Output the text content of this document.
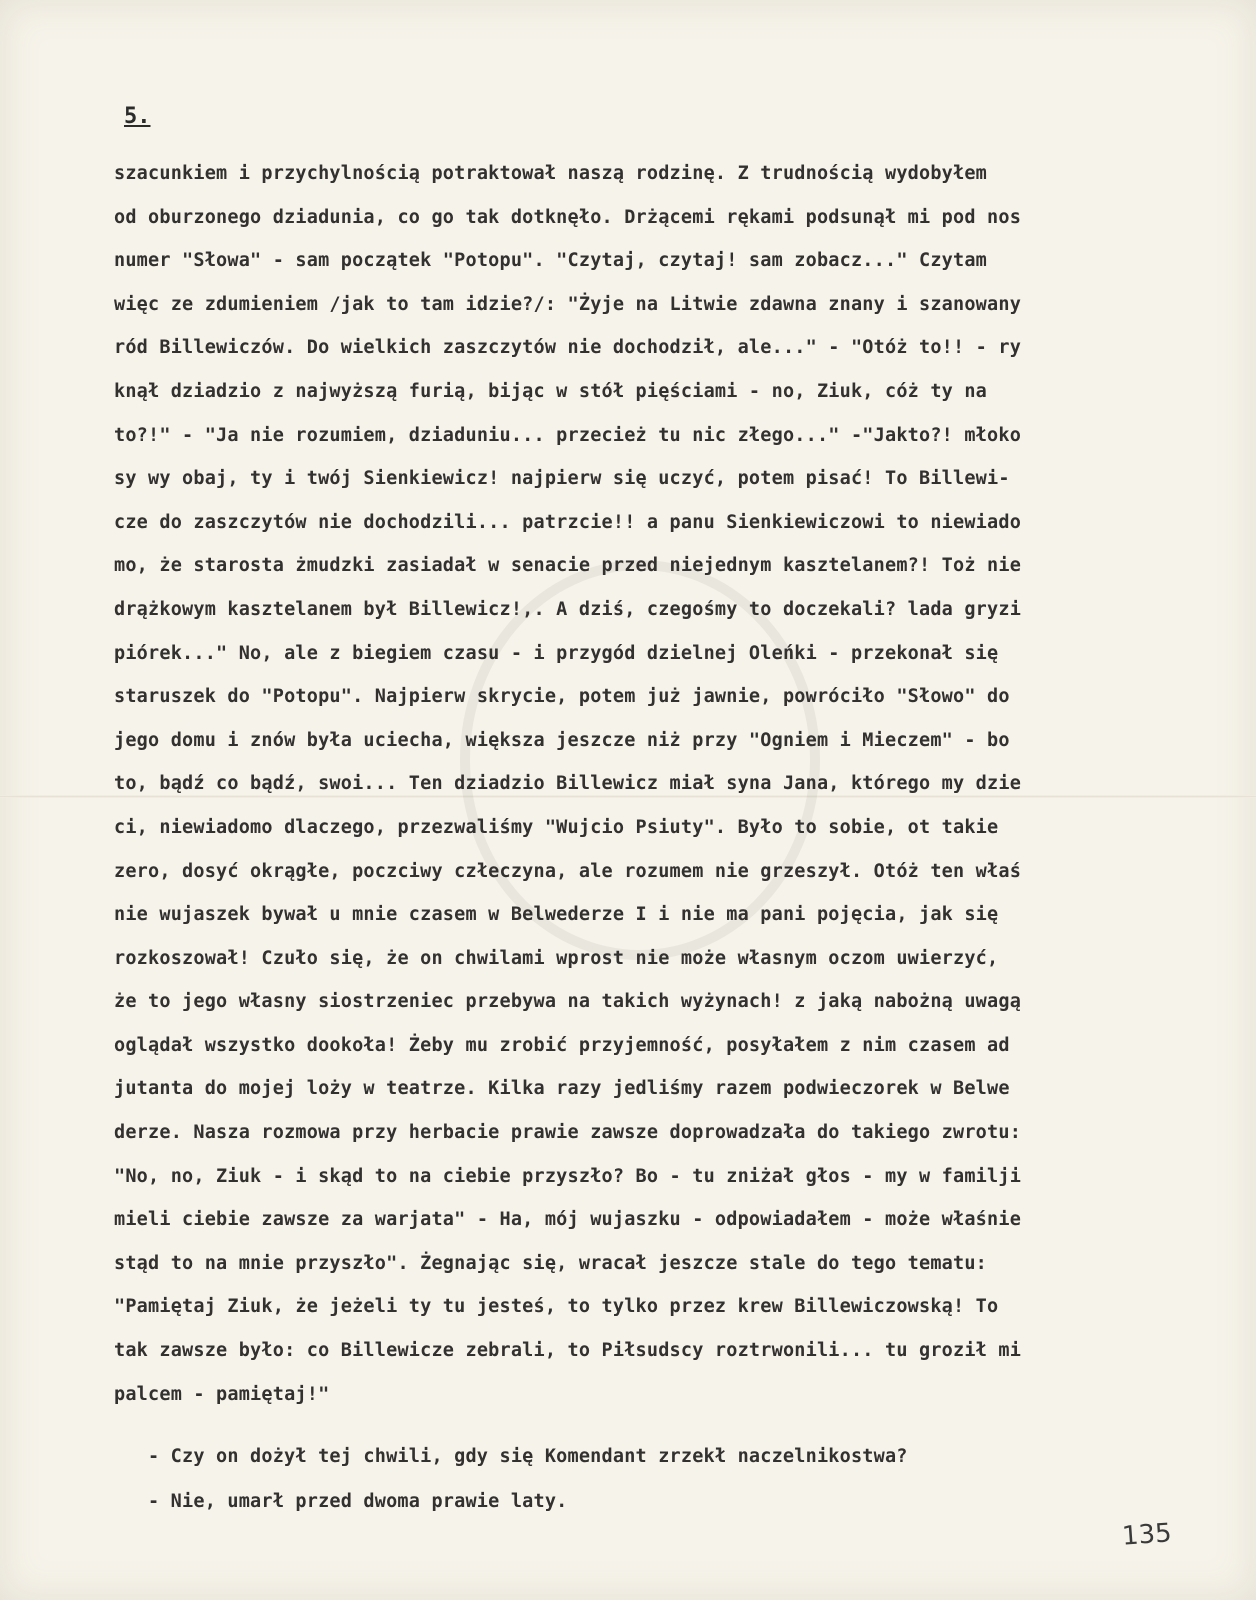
5.
szacunkiem i przychylnością potraktował naszą rodzinę. Z trudnością wydobyłem
od oburzonego dziadunia, co go tak dotknęło. Drżącemi rękami podsunął mi pod nos
numer "Słowa" - sam początek "Potopu". "Czytaj, czytaj! sam zobacz..." Czytam
więc ze zdumieniem /jak to tam idzie?/: "Żyje na Litwie zdawna znany i szanowany
ród Billewiczów. Do wielkich zaszczytów nie dochodził, ale..." - "Otóż to!! - ry
knął dziadzio z najwyższą furią, bijąc w stół pięściami - no, Ziuk, cóż ty na
to?!" - "Ja nie rozumiem, dziaduniu... przecież tu nic złego..." -"Jakto?! młoko
sy wy obaj, ty i twój Sienkiewicz! najpierw się uczyć, potem pisać! To Billewi-
cze do zaszczytów nie dochodzili... patrzcie!! a panu Sienkiewiczowi to niewiado
mo, że starosta żmudzki zasiadał w senacie przed niejednym kasztelanem?! Toż nie
drążkowym kasztelanem był Billewicz!,. A dziś, czegośmy to doczekali? lada gryzi
piórek..." No, ale z biegiem czasu - i przygód dzielnej Oleńki - przekonał się
staruszek do "Potopu". Najpierw skrycie, potem już jawnie, powróciło "Słowo" do
jego domu i znów była uciecha, większa jeszcze niż przy "Ogniem i Mieczem" - bo
to, bądź co bądź, swoi... Ten dziadzio Billewicz miał syna Jana, którego my dzie
ci, niewiadomo dlaczego, przezwaliśmy "Wujcio Psiuty". Było to sobie, ot takie
zero, dosyć okrągłe, poczciwy człeczyna, ale rozumem nie grzeszył. Otóż ten właś
nie wujaszek bywał u mnie czasem w Belwederze I i nie ma pani pojęcia, jak się
rozkoszował! Czuło się, że on chwilami wprost nie może własnym oczom uwierzyć,
że to jego własny siostrzeniec przebywa na takich wyżynach! z jaką nabożną uwagą
oglądał wszystko dookoła! Żeby mu zrobić przyjemność, posyłałem z nim czasem ad
jutanta do mojej loży w teatrze. Kilka razy jedliśmy razem podwieczorek w Belwe
derze. Nasza rozmowa przy herbacie prawie zawsze doprowadzała do takiego zwrotu:
"No, no, Ziuk - i skąd to na ciebie przyszło? Bo - tu zniżał głos - my w familji
mieli ciebie zawsze za warjata" - Ha, mój wujaszku - odpowiadałem - może właśnie
stąd to na mnie przyszło". Żegnając się, wracał jeszcze stale do tego tematu:
"Pamiętaj Ziuk, że jeżeli ty tu jesteś, to tylko przez krew Billewiczowską! To
tak zawsze było: co Billewicze zebrali, to Piłsudscy roztrwonili... tu groził mi
palcem - pamiętaj!"
- Czy on dożył tej chwili, gdy się Komendant zrzekł naczelnikostwa?
- Nie, umarł przed dwoma prawie laty.
135
